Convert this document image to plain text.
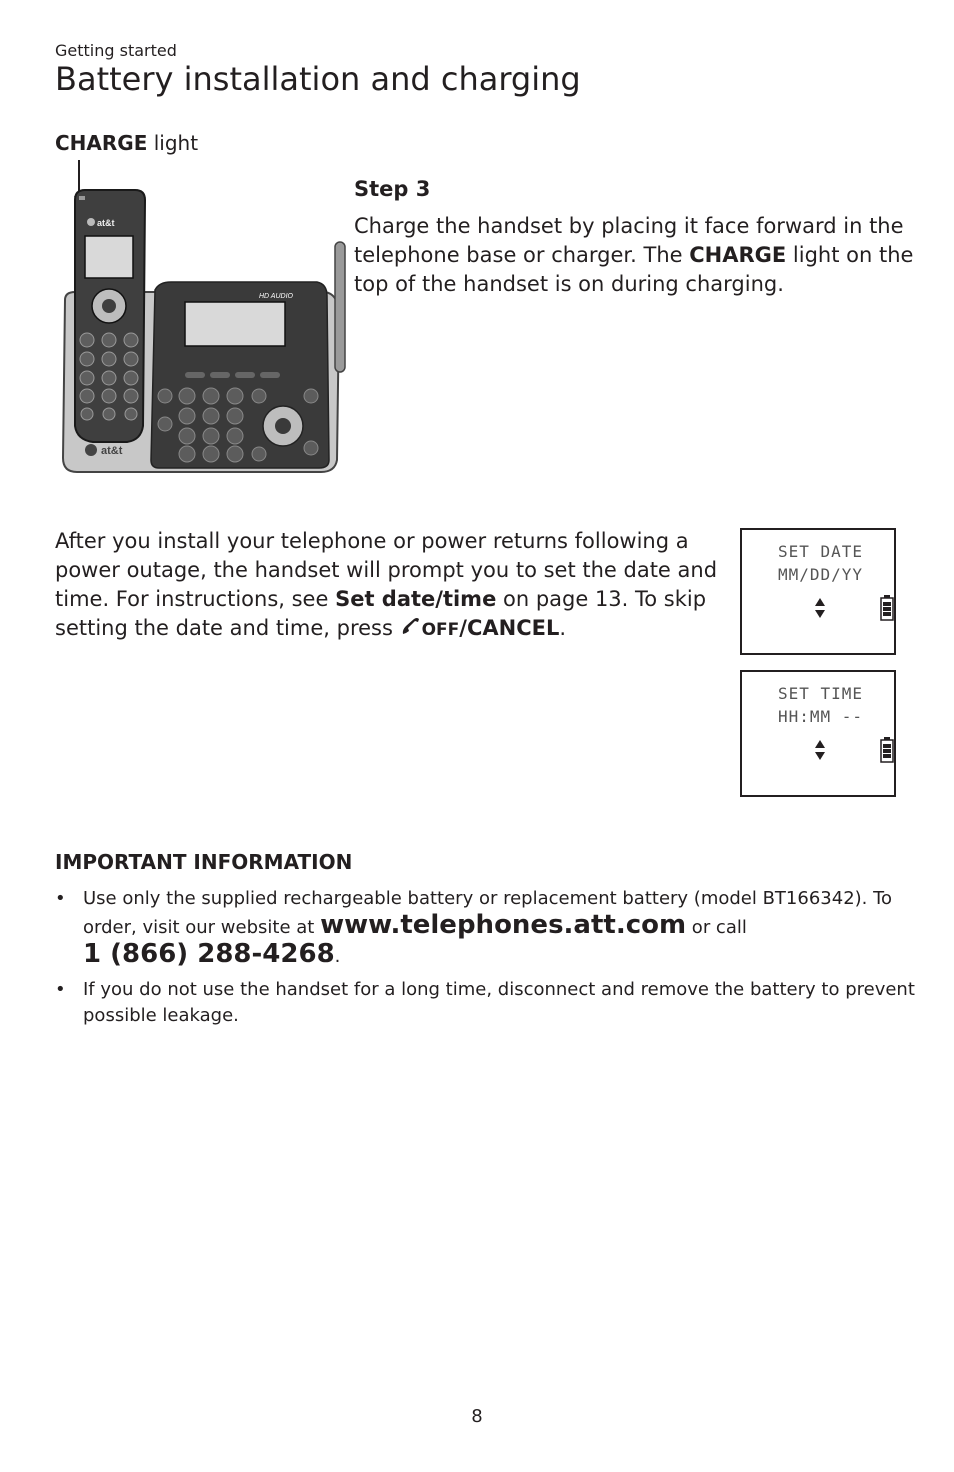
Getting started
Battery installation and charging
CHARGE light
HD AUDIO
at&t
at&t
Step 3
Charge the handset by placing it face forward in the telephone base or charger. The CHARGE light on the top of the handset is on during charging.
After you install your telephone or power returns following a power outage, the handset will prompt you to set the date and time. For instructions, see Set date/time on page 13. To skip setting the date and time, press OFF/CANCEL.
SET DATE
MM/DD/YY
SET TIME
HH:MM --
IMPORTANT INFORMATION
• Use only the supplied rechargeable battery or replacement battery (model BT166342). To order, visit our website at www.telephones.att.com or call
1 (866) 288-4268.
• If you do not use the handset for a long time, disconnect and remove the battery to prevent possible leakage.
8
